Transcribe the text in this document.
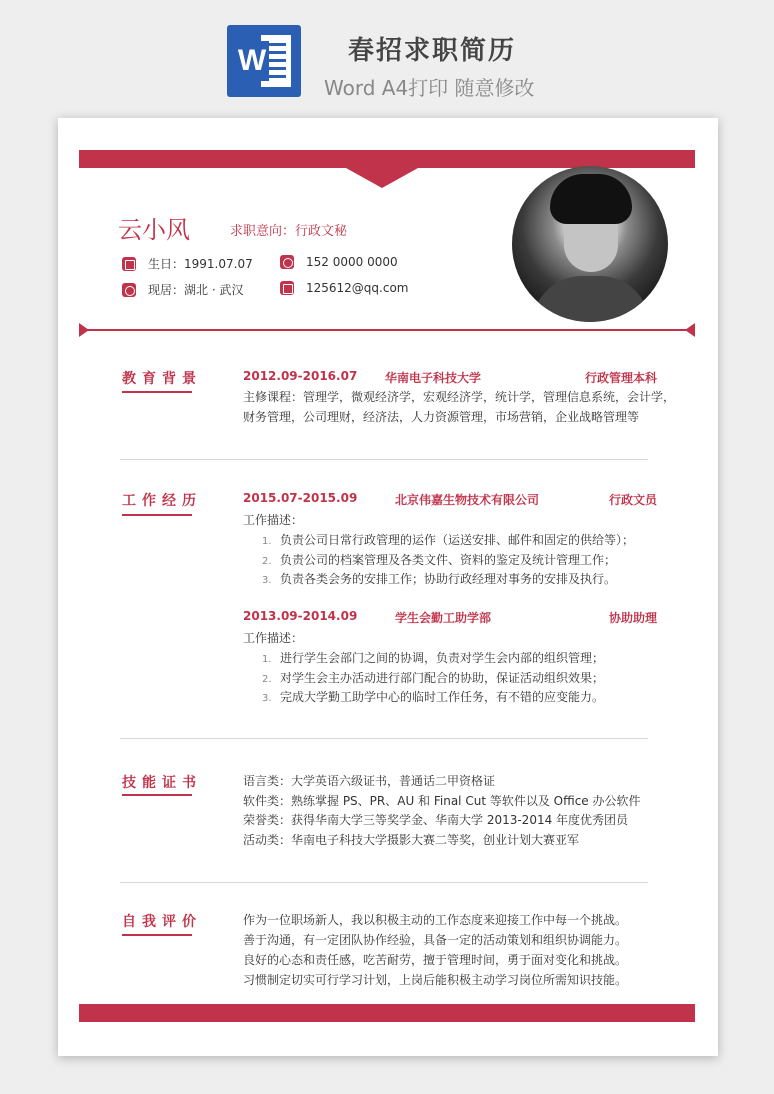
W	春招求职简历
Word A4打印 随意修改
云小风	求职意向：行政文秘
生日：1991.07.07	152 0000 0000
现居：湖北 · 武汉	125612@qq.com
教育背景	2012.09-2016.07 华南电子科技大学	行政管理本科
主修课程：管理学，微观经济学，宏观经济学，统计学，管理信息系统，会计学，
财务管理，公司理财，经济法，人力资源管理，市场营销，企业战略管理等
工作经历	2015.07-2015.09	北京伟嘉生物技术有限公司	行政文员
工作描述：
1. 负责公司日常行政管理的运作（运送安排、邮件和固定的供给等）；
2. 负责公司的档案管理及各类文件、资料的鉴定及统计管理工作；
3. 负责各类会务的安排工作；协助行政经理对事务的安排及执行。
2013.09-2014.09	学生会勤工助学部	协助助理
工作描述：
1. 进行学生会部门之间的协调，负责对学生会内部的组织管理；
2. 对学生会主办活动进行部门配合的协助，保证活动组织效果；
3. 完成大学勤工助学中心的临时工作任务，有不错的应变能力。
技能证书	语言类：大学英语六级证书，普通话二甲资格证
软件类：熟练掌握 PS、PR、AU 和 Final Cut 等软件以及 Office 办公软件
荣誉类：获得华南大学三等奖学金、华南大学 2013-2014 年度优秀团员
活动类：华南电子科技大学摄影大赛二等奖，创业计划大赛亚军
自我评价	作为一位职场新人，我以积极主动的工作态度来迎接工作中每一个挑战。
善于沟通，有一定团队协作经验，具备一定的活动策划和组织协调能力。
良好的心态和责任感，吃苦耐劳，擅于管理时间，勇于面对变化和挑战。
习惯制定切实可行学习计划，上岗后能积极主动学习岗位所需知识技能。
